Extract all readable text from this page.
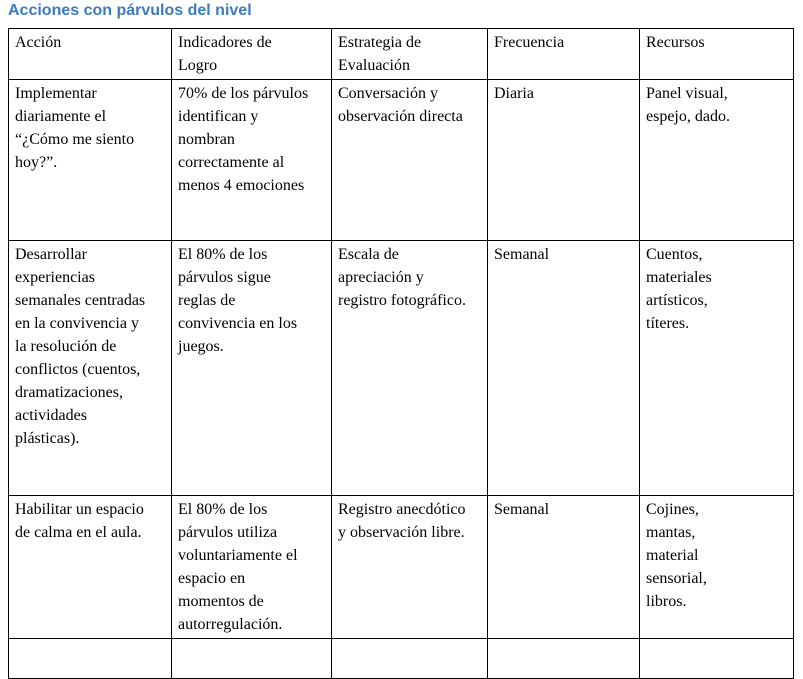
Acciones con párvulos del nivel
Acción	Indicadores de Logro	Estrategia de Evaluación	Frecuencia	Recursos
Implementar diariamente el “¿Cómo me siento hoy?”.	70% de los párvulos identifican y nombran correctamente al menos 4 emociones	Conversación y observación directa	Diaria	Panel visual, espejo, dado.
Desarrollar experiencias semanales centradas en la convivencia y la resolución de conflictos (cuentos, dramatizaciones, actividades plásticas).	El 80% de los párvulos sigue reglas de convivencia en los juegos.	Escala de apreciación y registro fotográfico.	Semanal	Cuentos, materiales artísticos, títeres.
Habilitar un espacio de calma en el aula.	El 80% de los párvulos utiliza voluntariamente el espacio en momentos de autorregulación.	Registro anecdótico y observación libre.	Semanal	Cojines, mantas, material sensorial, libros.
